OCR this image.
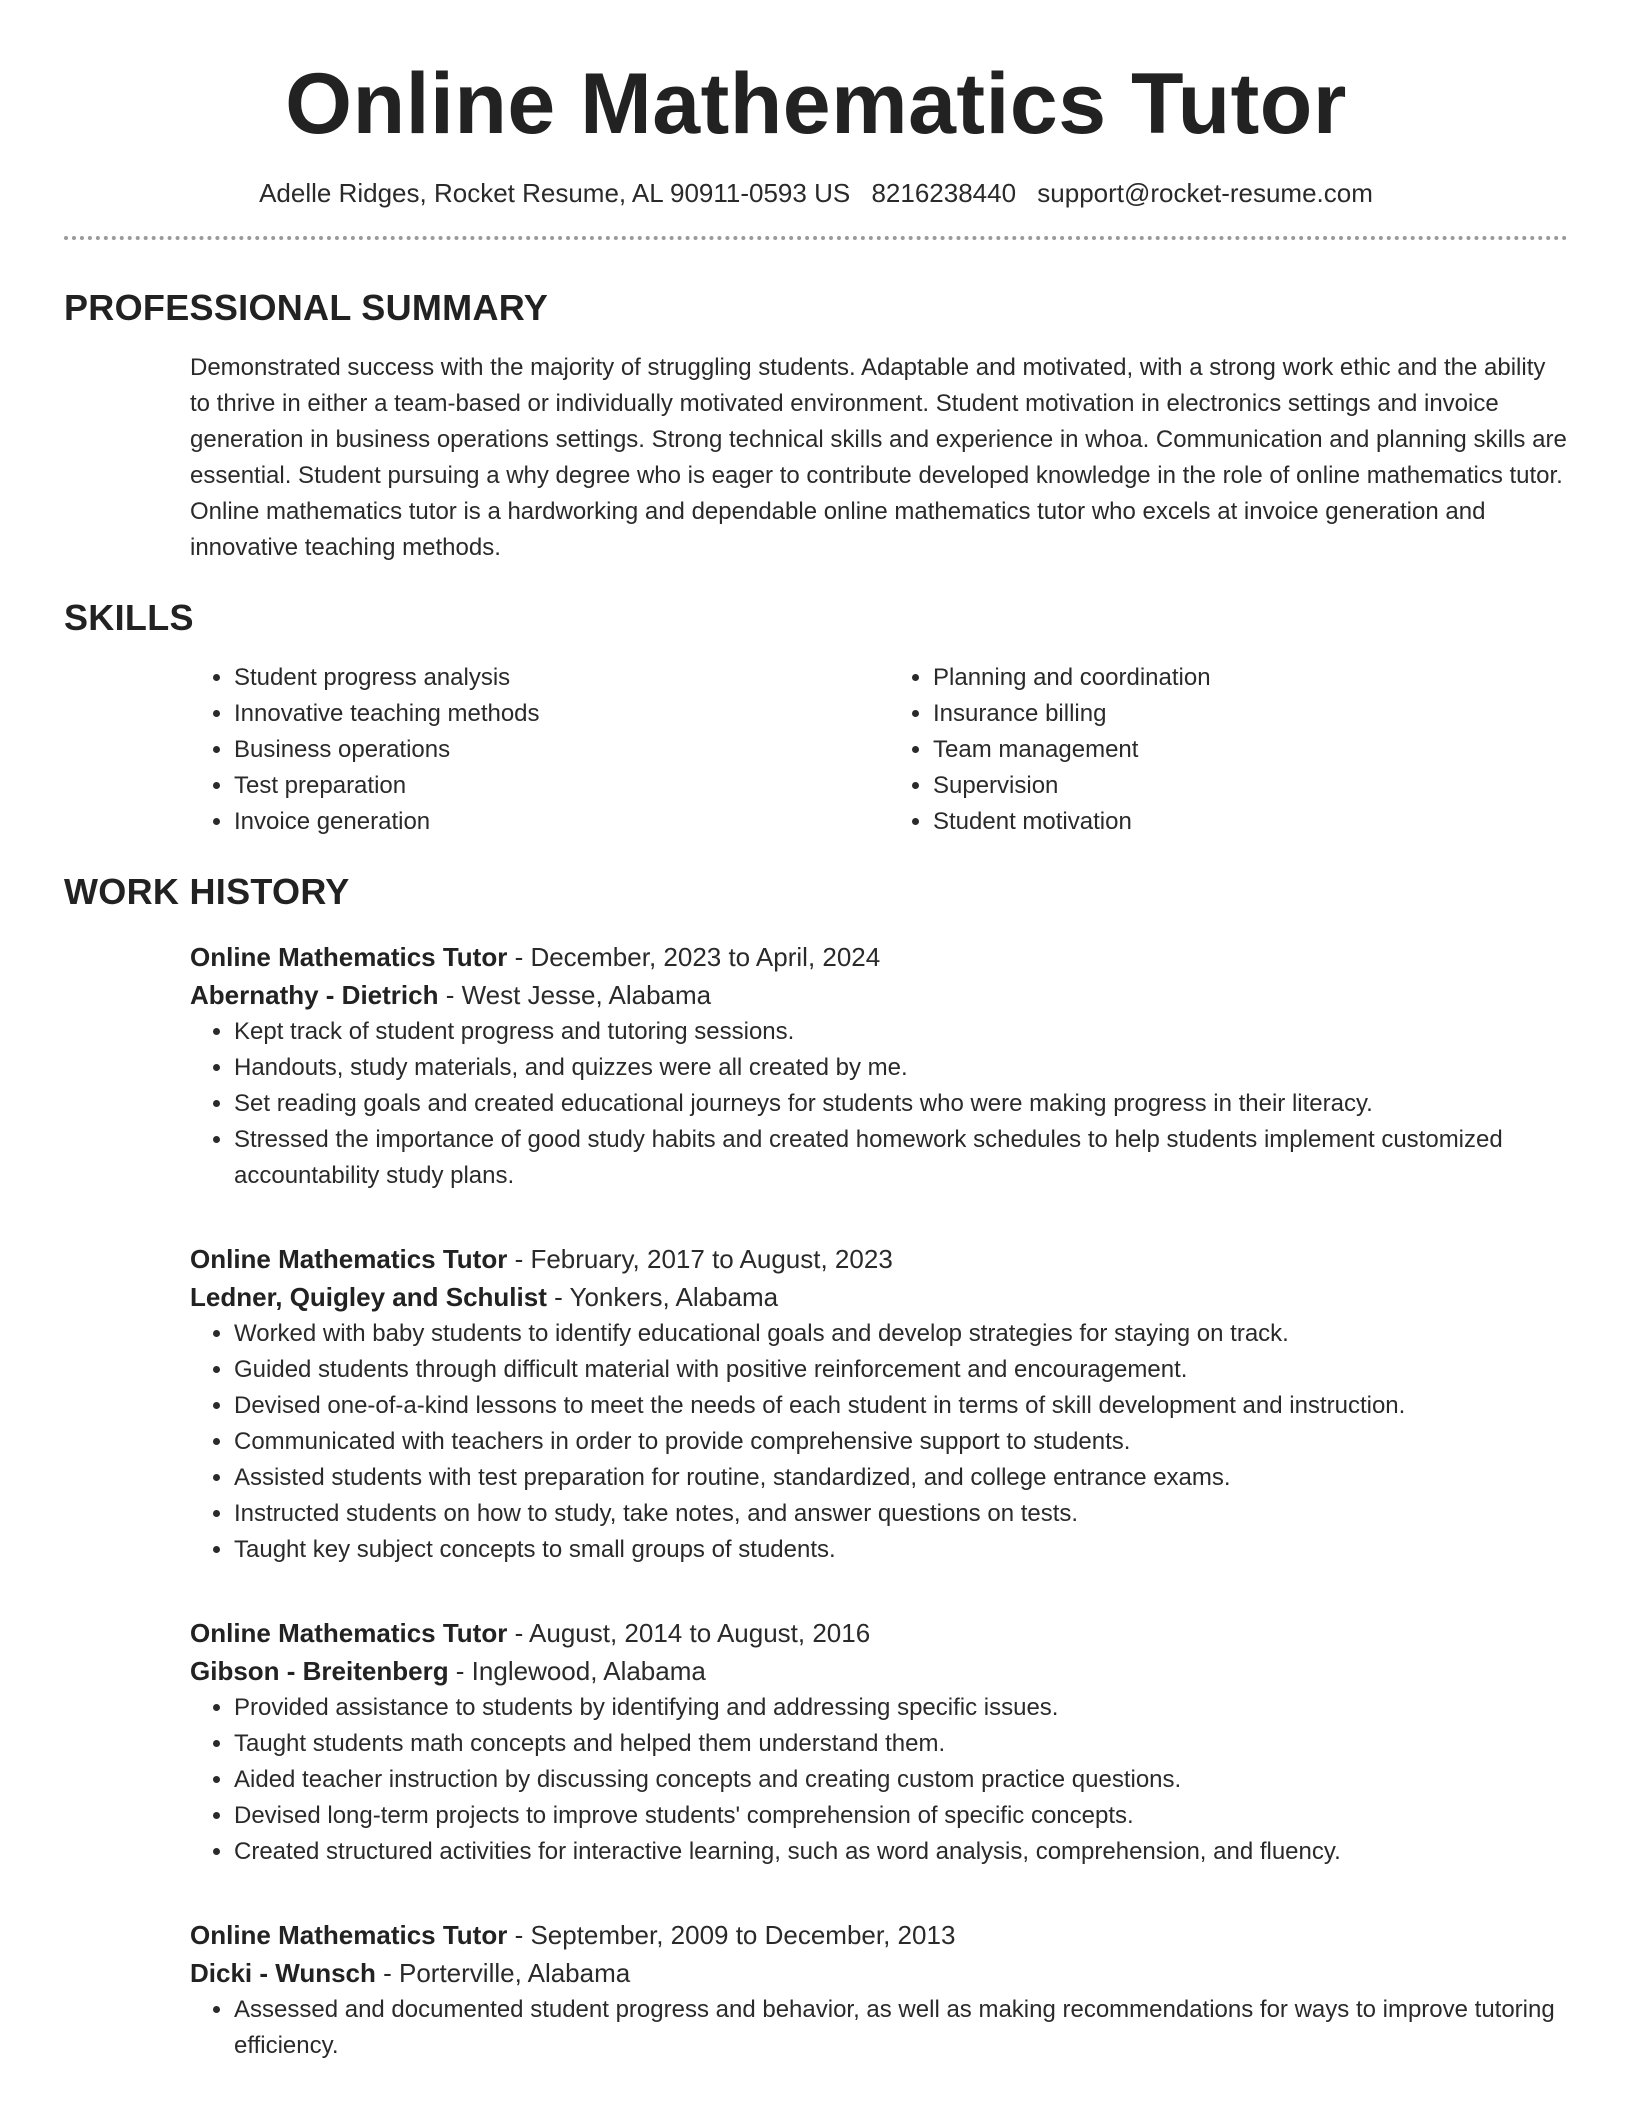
Online Mathematics Tutor
Adelle Ridges, Rocket Resume, AL 90911-0593 US 8216238440 support@rocket-resume.com
PROFESSIONAL SUMMARY

Demonstrated success with the majority of struggling students. Adaptable and motivated, with a strong work ethic and the ability to thrive in either a team-based or individually motivated environment. Student motivation in electronics settings and invoice generation in business operations settings. Strong technical skills and experience in whoa. Communication and planning skills are essential. Student pursuing a why degree who is eager to contribute developed knowledge in the role of online mathematics tutor. Online mathematics tutor is a hardworking and dependable online mathematics tutor who excels at invoice generation and innovative teaching methods.

SKILLS
• Student progress analysis
• Innovative teaching methods
• Business operations
• Test preparation
• Invoice generation
• Planning and coordination
• Insurance billing
• Team management
• Supervision
• Student motivation
WORK HISTORY
Online Mathematics Tutor - December, 2023 to April, 2024
Abernathy - Dietrich - West Jesse, Alabama
• Kept track of student progress and tutoring sessions.
• Handouts, study materials, and quizzes were all created by me.
• Set reading goals and created educational journeys for students who were making progress in their literacy.
• Stressed the importance of good study habits and created homework schedules to help students implement customized accountability study plans.
Online Mathematics Tutor - February, 2017 to August, 2023
Ledner, Quigley and Schulist - Yonkers, Alabama
• Worked with baby students to identify educational goals and develop strategies for staying on track.
• Guided students through difficult material with positive reinforcement and encouragement.
• Devised one-of-a-kind lessons to meet the needs of each student in terms of skill development and instruction.
• Communicated with teachers in order to provide comprehensive support to students.
• Assisted students with test preparation for routine, standardized, and college entrance exams.
• Instructed students on how to study, take notes, and answer questions on tests.
• Taught key subject concepts to small groups of students.
Online Mathematics Tutor - August, 2014 to August, 2016
Gibson - Breitenberg - Inglewood, Alabama
• Provided assistance to students by identifying and addressing specific issues.
• Taught students math concepts and helped them understand them.
• Aided teacher instruction by discussing concepts and creating custom practice questions.
• Devised long-term projects to improve students' comprehension of specific concepts.
• Created structured activities for interactive learning, such as word analysis, comprehension, and fluency.
Online Mathematics Tutor - September, 2009 to December, 2013
Dicki - Wunsch - Porterville, Alabama
• Assessed and documented student progress and behavior, as well as making recommendations for ways to improve tutoring efficiency.
